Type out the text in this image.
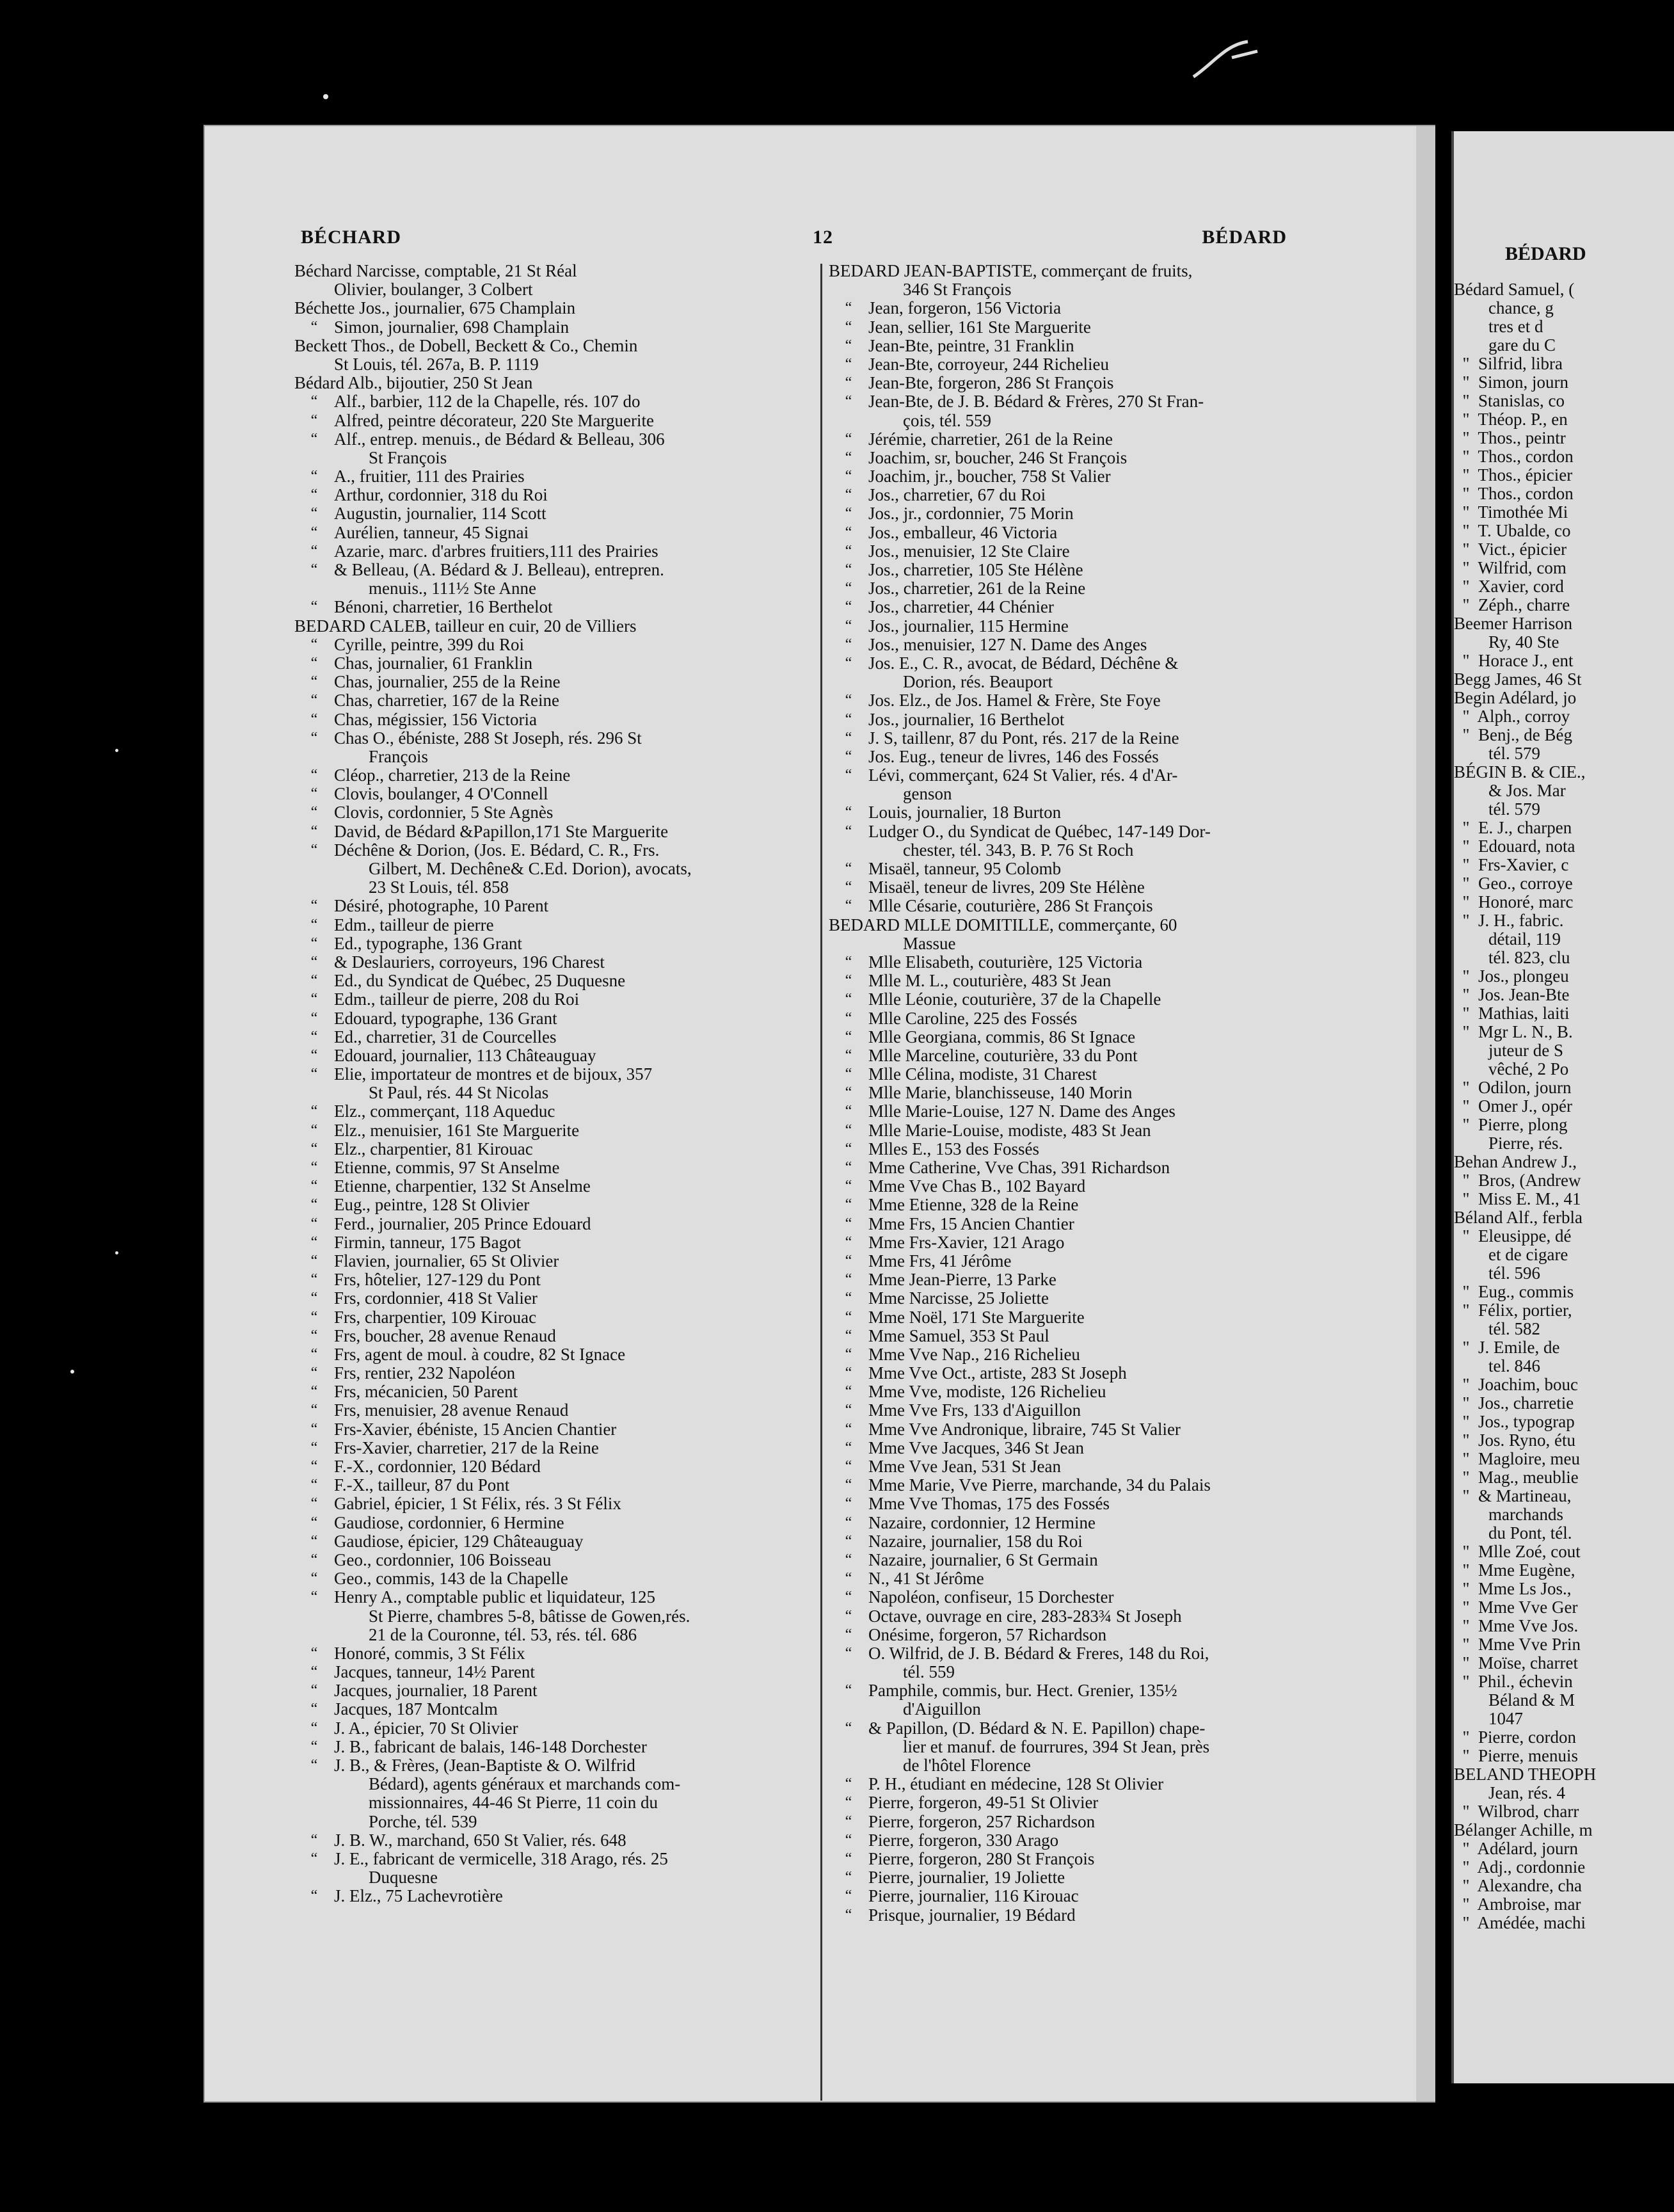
BÉCHARD	12	BÉDARD
Béchard Narcisse, comptable, 21 St Réal
Olivier, boulanger, 3 Colbert
Béchette Jos., journalier, 675 Champlain
“ Simon, journalier, 698 Champlain
Beckett Thos., de Dobell, Beckett & Co., Chemin
St Louis, tél. 267a, B. P. 1119
Bédard Alb., bijoutier, 250 St Jean
“ Alf., barbier, 112 de la Chapelle, rés. 107 do
“ Alfred, peintre décorateur, 220 Ste Marguerite
“ Alf., entrep. menuis., de Bédard & Belleau, 306
St François
“ A., fruitier, 111 des Prairies
“ Arthur, cordonnier, 318 du Roi
“ Augustin, journalier, 114 Scott
“ Aurélien, tanneur, 45 Signai
“ Azarie, marc. d'arbres fruitiers,111 des Prairies
“ & Belleau, (A. Bédard & J. Belleau), entrepren.
menuis., 111½ Ste Anne
“ Bénoni, charretier, 16 Berthelot
BEDARD CALEB, tailleur en cuir, 20 de Villiers
“ Cyrille, peintre, 399 du Roi
“ Chas, journalier, 61 Franklin
“ Chas, journalier, 255 de la Reine
“ Chas, charretier, 167 de la Reine
“ Chas, mégissier, 156 Victoria
“ Chas O., ébéniste, 288 St Joseph, rés. 296 St
François
“ Cléop., charretier, 213 de la Reine
“ Clovis, boulanger, 4 O'Connell
“ Clovis, cordonnier, 5 Ste Agnès
“ David, de Bédard &Papillon,171 Ste Marguerite
“ Déchêne & Dorion, (Jos. E. Bédard, C. R., Frs.
Gilbert, M. Dechêne& C.Ed. Dorion), avocats,
23 St Louis, tél. 858
“ Désiré, photographe, 10 Parent
“ Edm., tailleur de pierre
“ Ed., typographe, 136 Grant
“ & Deslauriers, corroyeurs, 196 Charest
“ Ed., du Syndicat de Québec, 25 Duquesne
“ Edm., tailleur de pierre, 208 du Roi
“ Edouard, typographe, 136 Grant
“ Ed., charretier, 31 de Courcelles
“ Edouard, journalier, 113 Châteauguay
“ Elie, importateur de montres et de bijoux, 357
St Paul, rés. 44 St Nicolas
“ Elz., commerçant, 118 Aqueduc
“ Elz., menuisier, 161 Ste Marguerite
“ Elz., charpentier, 81 Kirouac
“ Etienne, commis, 97 St Anselme
“ Etienne, charpentier, 132 St Anselme
“ Eug., peintre, 128 St Olivier
“ Ferd., journalier, 205 Prince Edouard
“ Firmin, tanneur, 175 Bagot
“ Flavien, journalier, 65 St Olivier
“ Frs, hôtelier, 127-129 du Pont
“ Frs, cordonnier, 418 St Valier
“ Frs, charpentier, 109 Kirouac
“ Frs, boucher, 28 avenue Renaud
“ Frs, agent de moul. à coudre, 82 St Ignace
“ Frs, rentier, 232 Napoléon
“ Frs, mécanicien, 50 Parent
“ Frs, menuisier, 28 avenue Renaud
“ Frs-Xavier, ébéniste, 15 Ancien Chantier
“ Frs-Xavier, charretier, 217 de la Reine
“ F.-X., cordonnier, 120 Bédard
“ F.-X., tailleur, 87 du Pont
“ Gabriel, épicier, 1 St Félix, rés. 3 St Félix
“ Gaudiose, cordonnier, 6 Hermine
“ Gaudiose, épicier, 129 Châteauguay
“ Geo., cordonnier, 106 Boisseau
“ Geo., commis, 143 de la Chapelle
“ Henry A., comptable public et liquidateur, 125
St Pierre, chambres 5-8, bâtisse de Gowen,rés.
21 de la Couronne, tél. 53, rés. tél. 686
“ Honoré, commis, 3 St Félix
“ Jacques, tanneur, 14½ Parent
“ Jacques, journalier, 18 Parent
“ Jacques, 187 Montcalm
“ J. A., épicier, 70 St Olivier
“ J. B., fabricant de balais, 146-148 Dorchester
“ J. B., & Frères, (Jean-Baptiste & O. Wilfrid
Bédard), agents généraux et marchands com-
missionnaires, 44-46 St Pierre, 11 coin du
Porche, tél. 539
“ J. B. W., marchand, 650 St Valier, rés. 648
“ J. E., fabricant de vermicelle, 318 Arago, rés. 25
Duquesne
“ J. Elz., 75 Lachevrotière
BEDARD JEAN-BAPTISTE, commerçant de fruits,
346 St François
“ Jean, forgeron, 156 Victoria
“ Jean, sellier, 161 Ste Marguerite
“ Jean-Bte, peintre, 31 Franklin
“ Jean-Bte, corroyeur, 244 Richelieu
“ Jean-Bte, forgeron, 286 St François
“ Jean-Bte, de J. B. Bédard & Frères, 270 St Fran-
çois, tél. 559
“ Jérémie, charretier, 261 de la Reine
“ Joachim, sr, boucher, 246 St François
“ Joachim, jr., boucher, 758 St Valier
“ Jos., charretier, 67 du Roi
“ Jos., jr., cordonnier, 75 Morin
“ Jos., emballeur, 46 Victoria
“ Jos., menuisier, 12 Ste Claire
“ Jos., charretier, 105 Ste Hélène
“ Jos., charretier, 261 de la Reine
“ Jos., charretier, 44 Chénier
“ Jos., journalier, 115 Hermine
“ Jos., menuisier, 127 N. Dame des Anges
“ Jos. E., C. R., avocat, de Bédard, Déchêne &
Dorion, rés. Beauport
“ Jos. Elz., de Jos. Hamel & Frère, Ste Foye
“ Jos., journalier, 16 Berthelot
“ J. S, taillenr, 87 du Pont, rés. 217 de la Reine
“ Jos. Eug., teneur de livres, 146 des Fossés
“ Lévi, commerçant, 624 St Valier, rés. 4 d'Ar-
genson
“ Louis, journalier, 18 Burton
“ Ludger O., du Syndicat de Québec, 147-149 Dor-
chester, tél. 343, B. P. 76 St Roch
“ Misaël, tanneur, 95 Colomb
“ Misaël, teneur de livres, 209 Ste Hélène
“ Mlle Césarie, couturière, 286 St François
BEDARD MLLE DOMITILLE, commerçante, 60
Massue
“ Mlle Elisabeth, couturière, 125 Victoria
“ Mlle M. L., couturière, 483 St Jean
“ Mlle Léonie, couturière, 37 de la Chapelle
“ Mlle Caroline, 225 des Fossés
“ Mlle Georgiana, commis, 86 St Ignace
“ Mlle Marceline, couturière, 33 du Pont
“ Mlle Célina, modiste, 31 Charest
“ Mlle Marie, blanchisseuse, 140 Morin
“ Mlle Marie-Louise, 127 N. Dame des Anges
“ Mlle Marie-Louise, modiste, 483 St Jean
“ Mlles E., 153 des Fossés
“ Mme Catherine, Vve Chas, 391 Richardson
“ Mme Vve Chas B., 102 Bayard
“ Mme Etienne, 328 de la Reine
“ Mme Frs, 15 Ancien Chantier
“ Mme Frs-Xavier, 121 Arago
“ Mme Frs, 41 Jérôme
“ Mme Jean-Pierre, 13 Parke
“ Mme Narcisse, 25 Joliette
“ Mme Noël, 171 Ste Marguerite
“ Mme Samuel, 353 St Paul
“ Mme Vve Nap., 216 Richelieu
“ Mme Vve Oct., artiste, 283 St Joseph
“ Mme Vve, modiste, 126 Richelieu
“ Mme Vve Frs, 133 d'Aiguillon
“ Mme Vve Andronique, libraire, 745 St Valier
“ Mme Vve Jacques, 346 St Jean
“ Mme Vve Jean, 531 St Jean
“ Mme Marie, Vve Pierre, marchande, 34 du Palais
“ Mme Vve Thomas, 175 des Fossés
“ Nazaire, cordonnier, 12 Hermine
“ Nazaire, journalier, 158 du Roi
“ Nazaire, journalier, 6 St Germain
“ N., 41 St Jérôme
“ Napoléon, confiseur, 15 Dorchester
“ Octave, ouvrage en cire, 283-283¾ St Joseph
“ Onésime, forgeron, 57 Richardson
“ O. Wilfrid, de J. B. Bédard & Freres, 148 du Roi,
tél. 559
“ Pamphile, commis, bur. Hect. Grenier, 135½
d'Aiguillon
“ & Papillon, (D. Bédard & N. E. Papillon) chape-
lier et manuf. de fourrures, 394 St Jean, près
de l'hôtel Florence
“ P. H., étudiant en médecine, 128 St Olivier
“ Pierre, forgeron, 49-51 St Olivier
“ Pierre, forgeron, 257 Richardson
“ Pierre, forgeron, 330 Arago
“ Pierre, forgeron, 280 St François
“ Pierre, journalier, 19 Joliette
“ Pierre, journalier, 116 Kirouac
“ Prisque, journalier, 19 Bédard
BÉDARD
Bédard Samuel, (
chance, g
tres et d
gare du C
"  Silfrid, libra
"  Simon, journ
"  Stanislas, co
"  Théop. P., en
"  Thos., peintr
"  Thos., cordon
"  Thos., épicier
"  Thos., cordon
"  Timothée Mi
"  T. Ubalde, co
"  Vict., épicier
"  Wilfrid, com
"  Xavier, cord
"  Zéph., charre
Beemer Harrison
Ry, 40 Ste
"  Horace J., ent
Begg James, 46 St
Begin Adélard, jo
"  Alph., corroy
"  Benj., de Bég
tél. 579
BÉGIN B. & CIE.,
& Jos. Mar
tél. 579
"  E. J., charpen
"  Edouard, nota
"  Frs-Xavier, c
"  Geo., corroye
"  Honoré, marc
"  J. H., fabric.
détail, 119
tél. 823, clu
"  Jos., plongeu
"  Jos. Jean-Bte
"  Mathias, laiti
"  Mgr L. N., B.
juteur de S
vêché, 2 Po
"  Odilon, journ
"  Omer J., opér
"  Pierre, plong
Pierre, rés.
Behan Andrew J.,
"  Bros, (Andrew
"  Miss E. M., 41
Béland Alf., ferbla
"  Eleusippe, dé
et de cigare
tél. 596
"  Eug., commis
"  Félix, portier,
tél. 582
"  J. Emile, de
tel. 846
"  Joachim, bouc
"  Jos., charretie
"  Jos., typograp
"  Jos. Ryno, étu
"  Magloire, meu
"  Mag., meublie
"  & Martineau,
marchands
du Pont, tél.
"  Mlle Zoé, cout
"  Mme Eugène,
"  Mme Ls Jos.,
"  Mme Vve Ger
"  Mme Vve Jos.
"  Mme Vve Prin
"  Moïse, charret
"  Phil., échevin
Béland & M
1047
"  Pierre, cordon
"  Pierre, menuis
BELAND THEOPH
Jean, rés. 4
"  Wilbrod, charr
Bélanger Achille, m
"  Adélard, journ
"  Adj., cordonnie
"  Alexandre, cha
"  Ambroise, mar
"  Amédée, machi
